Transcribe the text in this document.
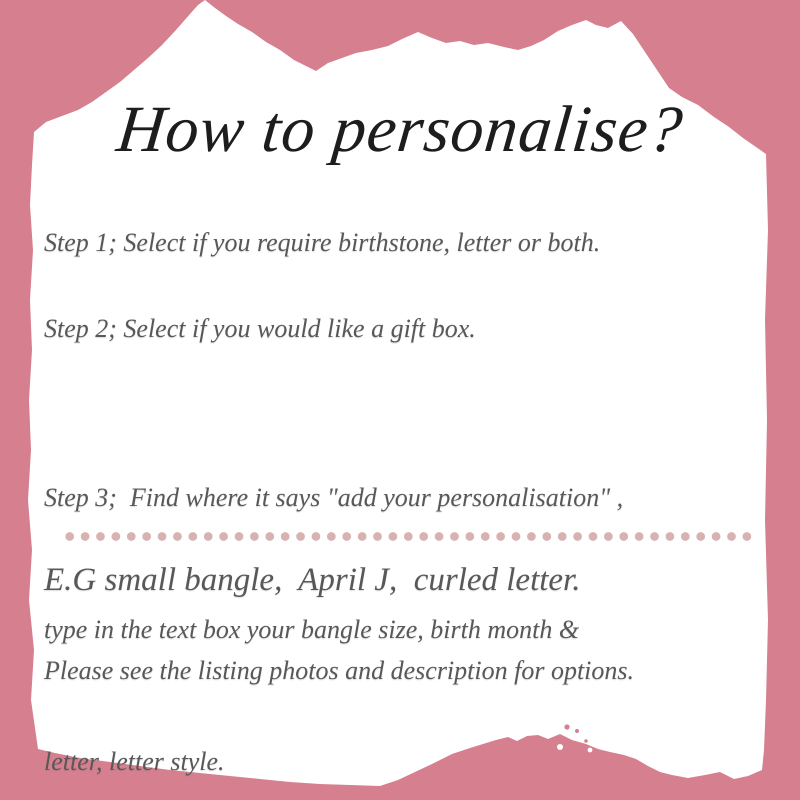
How to personalise?
Step 1; Select if you require birthstone, letter or both.
Step 2; Select if you would like a gift box.

Step 3;  Find where it says "add your personalisation" ,

type in the text box your bangle size, birth month &

letter, letter style.

E.G small bangle,  April J,  curled letter.
Please see the listing photos and description for options.
